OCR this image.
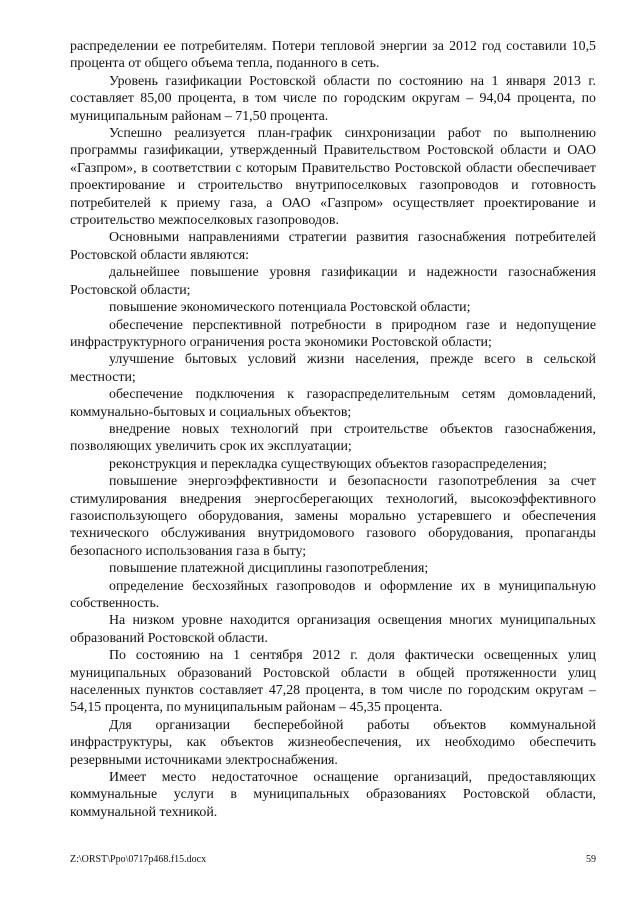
распределении ее потребителям. Потери тепловой энергии за 2012 год составили 10,5 процента от общего объема тепла, поданного в сеть.

Уровень газификации Ростовской области по состоянию на 1 января 2013 г. составляет 85,00 процента, в том числе по городским округам – 94,04 процента, по муниципальным районам – 71,50 процента.

Успешно реализуется план-график синхронизации работ по выполнению программы газификации, утвержденный Правительством Ростовской области и ОАО «Газпром», в соответствии с которым Правительство Ростовской области обеспечивает проектирование и строительство внутрипоселковых газопроводов и готовность потребителей к приему газа, а ОАО «Газпром» осуществляет проектирование и строительство межпоселковых газопроводов.

Основными направлениями стратегии развития газоснабжения потребителей Ростовской области являются:

дальнейшее повышение уровня газификации и надежности газоснабжения Ростовской области;

повышение экономического потенциала Ростовской области;

обеспечение перспективной потребности в природном газе и недопущение инфраструктурного ограничения роста экономики Ростовской области;

улучшение бытовых условий жизни населения, прежде всего в сельской местности;

обеспечение подключения к газораспределительным сетям домовладений, коммунально-бытовых и социальных объектов;

внедрение новых технологий при строительстве объектов газоснабжения, позволяющих увеличить срок их эксплуатации;

реконструкция и перекладка существующих объектов газораспределения;

повышение энергоэффективности и безопасности газопотребления за счет стимулирования внедрения энергосберегающих технологий, высокоэффективного газоиспользующего оборудования, замены морально устаревшего и обеспечения технического обслуживания внутридомового газового оборудования, пропаганды безопасного использования газа в быту;

повышение платежной дисциплины газопотребления;

определение бесхозяйных газопроводов и оформление их в муниципальную собственность.

На низком уровне находится организация освещения многих муниципальных образований Ростовской области.

По состоянию на 1 сентября 2012 г. доля фактически освещенных улиц муниципальных образований Ростовской области в общей протяженности улиц населенных пунктов составляет 47,28 процента, в том числе по городским округам – 54,15 процента, по муниципальным районам – 45,35 процента.

Для организации бесперебойной работы объектов коммунальной инфраструктуры, как объектов жизнеобеспечения, их необходимо обеспечить резервными источниками электроснабжения.

Имеет место недостаточное оснащение организаций, предоставляющих коммунальные услуги в муниципальных образованиях Ростовской области, коммунальной техникой.

Z:\ORST\Ppo\0717p468.f15.docx	59
